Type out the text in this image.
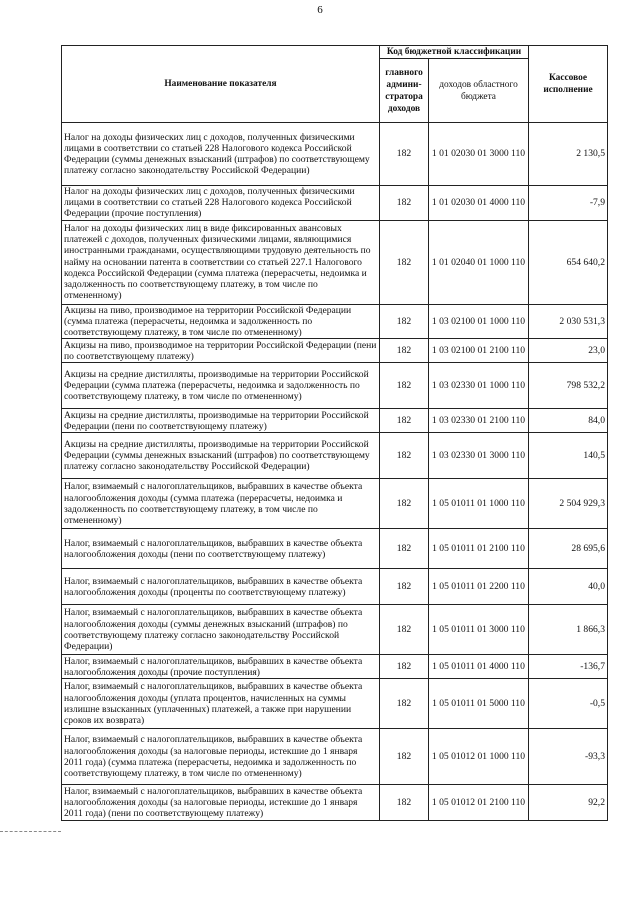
6
Наименование показателя	Код бюджетной классификации		Кассовое исполнение
	главного админи-стратора доходов	доходов областного бюджета	
Налог на доходы физических лиц с доходов, полученных физическими лицами в соответствии со статьей 228 Налогового кодекса Российской Федерации (суммы денежных взысканий (штрафов) по соответствующему платежу согласно законодательству Российской Федерации)	182	1 01 02030 01 3000 110	2 130,5
Налог на доходы физических лиц с доходов, полученных физическими лицами в соответствии со статьей 228 Налогового кодекса Российской Федерации (прочие поступления)	182	1 01 02030 01 4000 110	-7,9
Налог на доходы физических лиц в виде фиксированных авансовых платежей с доходов, полученных физическими лицами, являющимися иностранными гражданами, осуществляющими трудовую деятельность по найму на основании патента в соответствии со статьей 227.1 Налогового кодекса Российской Федерации (сумма платежа (перерасчеты, недоимка и задолженность по соответствующему платежу, в том числе по отмененному)	182	1 01 02040 01 1000 110	654 640,2
Акцизы на пиво, производимое на территории Российской Федерации (сумма платежа (перерасчеты, недоимка и задолженность по соответствующему платежу, в том числе по отмененному)	182	1 03 02100 01 1000 110	2 030 531,3
Акцизы на пиво, производимое на территории Российской Федерации (пени по соответствующему платежу)	182	1 03 02100 01 2100 110	23,0
Акцизы на средние дистилляты, производимые на территории Российской Федерации (сумма платежа (перерасчеты, недоимка и задолженность по соответствующему платежу, в том числе по отмененному)	182	1 03 02330 01 1000 110	798 532,2
Акцизы на средние дистилляты, производимые на территории Российской Федерации (пени по соответствующему платежу)	182	1 03 02330 01 2100 110	84,0
Акцизы на средние дистилляты, производимые на территории Российской Федерации (суммы денежных взысканий (штрафов) по соответствующему платежу согласно законодательству Российской Федерации)	182	1 03 02330 01 3000 110	140,5
Налог, взимаемый с налогоплательщиков, выбравших в качестве объекта налогообложения доходы (сумма платежа (перерасчеты, недоимка и задолженность по соответствующему платежу, в том числе по отмененному)	182	1 05 01011 01 1000 110	2 504 929,3
Налог, взимаемый с налогоплательщиков, выбравших в качестве объекта налогообложения доходы (пени по соответствующему платежу)	182	1 05 01011 01 2100 110	28 695,6
Налог, взимаемый с налогоплательщиков, выбравших в качестве объекта налогообложения доходы (проценты по соответствующему платежу)	182	1 05 01011 01 2200 110	40,0
Налог, взимаемый с налогоплательщиков, выбравших в качестве объекта налогообложения доходы (суммы денежных взысканий (штрафов) по соответствующему платежу согласно законодательству Российской Федерации)	182	1 05 01011 01 3000 110	1 866,3
Налог, взимаемый с налогоплательщиков, выбравших в качестве объекта налогообложения доходы (прочие поступления)	182	1 05 01011 01 4000 110	-136,7
Налог, взимаемый с налогоплательщиков, выбравших в качестве объекта налогообложения доходы (уплата процентов, начисленных на суммы излишне взысканных (уплаченных) платежей, а также при нарушении сроков их возврата)	182	1 05 01011 01 5000 110	-0,5
Налог, взимаемый с налогоплательщиков, выбравших в качестве объекта налогообложения доходы (за налоговые периоды, истекшие до 1 января 2011 года) (сумма платежа (перерасчеты, недоимка и задолженность по соответствующему платежу, в том числе по отмененному)	182	1 05 01012 01 1000 110	-93,3
Налог, взимаемый с налогоплательщиков, выбравших в качестве объекта налогообложения доходы (за налоговые периоды, истекшие до 1 января 2011 года) (пени по соответствующему платежу)	182	1 05 01012 01 2100 110	92,2
